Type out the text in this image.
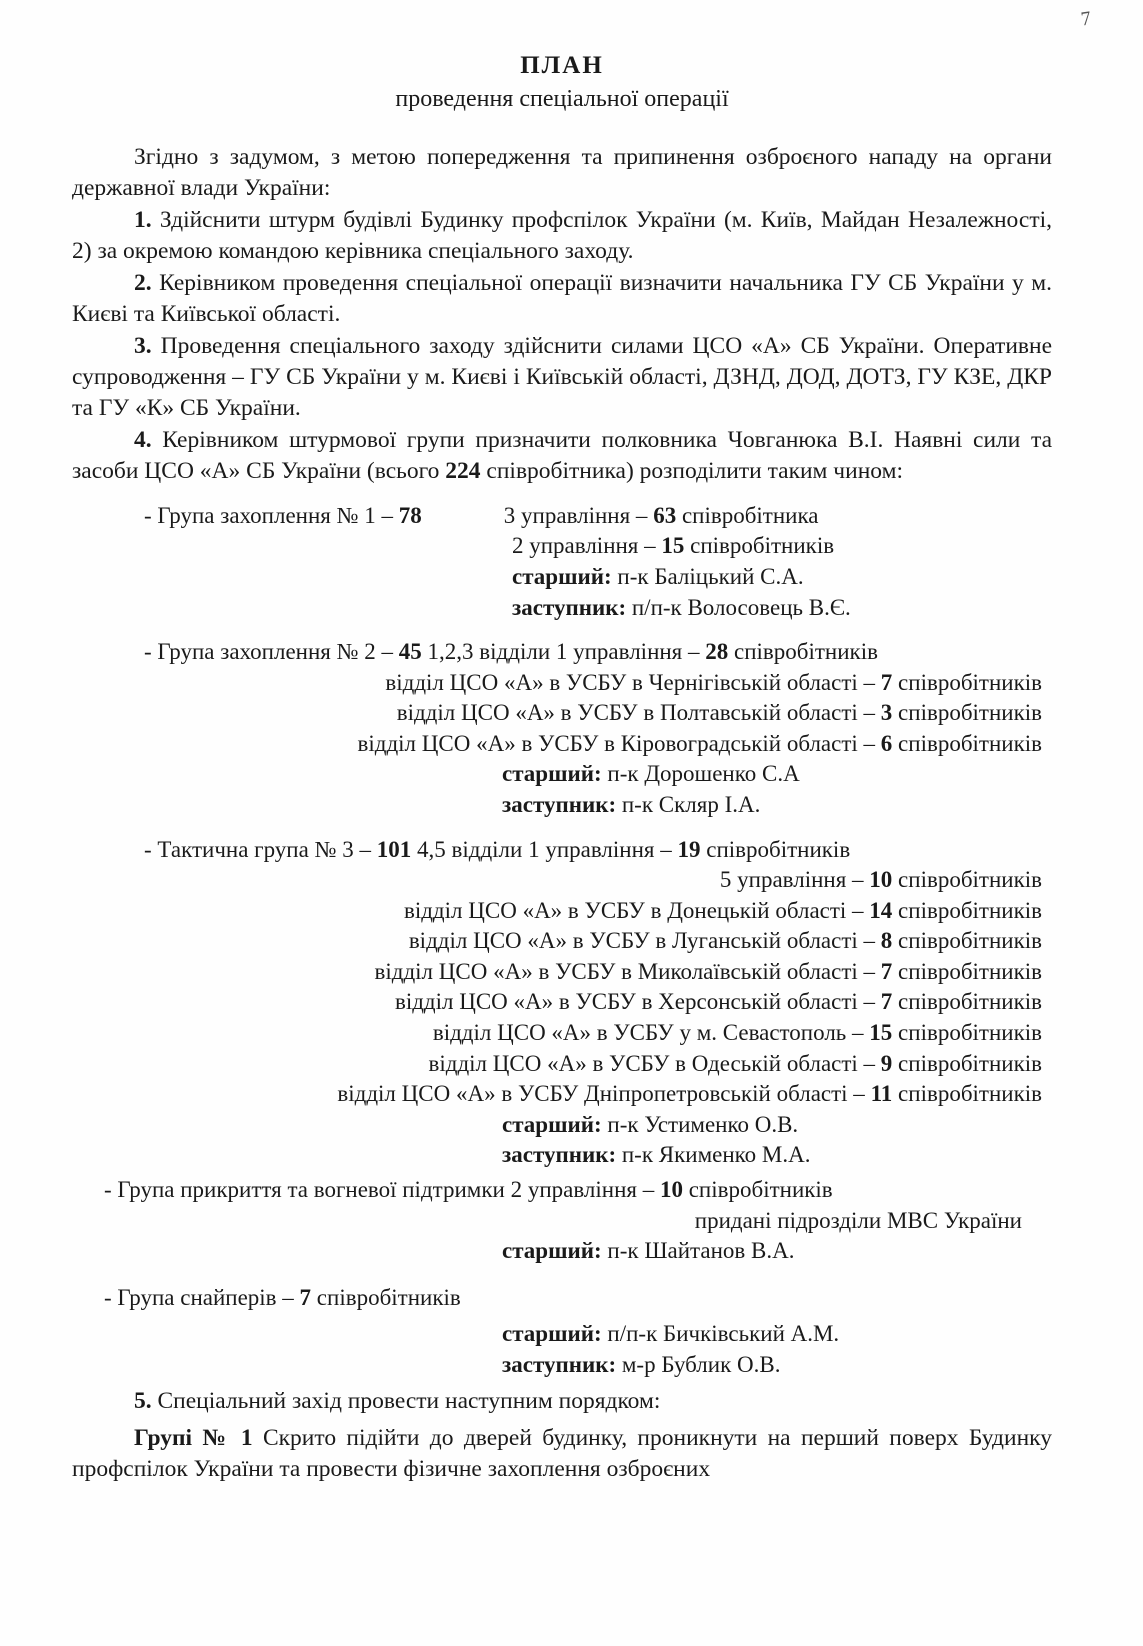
7
ПЛАН
проведення спеціальної операції

Згідно з задумом, з метою попередження та припинення озброєного нападу на органи державної влади України:

1. Здійснити штурм будівлі Будинку профспілок України (м. Київ, Майдан Незалежності, 2) за окремою командою керівника спеціального заходу.

2. Керівником проведення спеціальної операції визначити начальника ГУ СБ України у м. Києві та Київської області.

3. Проведення спеціального заходу здійснити силами ЦСО «А» СБ України. Оперативне супроводження – ГУ СБ України у м. Києві і Київській області, ДЗНД, ДОД, ДОТЗ, ГУ КЗЕ, ДКР та ГУ «К» СБ України.

4. Керівником штурмової групи призначити полковника Човганюка В.І. Наявні сили та засоби ЦСО «А» СБ України (всього 224 співробітника) розподілити таким чином:

- Група захоплення № 1 – 78	3 управління – 63 співробітника
2 управління – 15 співробітників
старший: п-к Баліцький С.А.
заступник: п/п-к Волосовець В.Є.
- Група захоплення № 2 – 45 1,2,3 відділи 1 управління – 28 співробітників
відділ ЦСО «А» в УСБУ в Чернігівській області – 7 співробітників
відділ ЦСО «А» в УСБУ в Полтавській області – 3 співробітників
відділ ЦСО «А» в УСБУ в Кіровоградській області – 6 співробітників
старший: п-к Дорошенко С.А
заступник: п-к Скляр І.А.
- Тактична група № 3 – 101 4,5 відділи 1 управління – 19 співробітників
5 управління – 10 співробітників
відділ ЦСО «А» в УСБУ в Донецькій області – 14 співробітників
відділ ЦСО «А» в УСБУ в Луганській області – 8 співробітників
відділ ЦСО «А» в УСБУ в Миколаївській області – 7 співробітників
відділ ЦСО «А» в УСБУ в Херсонській області – 7 співробітників
відділ ЦСО «А» в УСБУ у м. Севастополь – 15 співробітників
відділ ЦСО «А» в УСБУ в Одеській області – 9 співробітників
відділ ЦСО «А» в УСБУ Дніпропетровській області – 11 співробітників
старший: п-к Устименко О.В.
заступник: п-к Якименко М.А.
- Група прикриття та вогневої підтримки 2 управління – 10 співробітників
придані підрозділи МВС України
старший: п-к Шайтанов В.А.
- Група снайперів – 7 співробітників
старший: п/п-к Бичківський А.М.
заступник: м-р Бублик О.В.

5. Спеціальний захід провести наступним порядком:

Групі № 1 Скрито підійти до дверей будинку, проникнути на перший поверх Будинку профспілок України та провести фізичне захоплення озброєних
